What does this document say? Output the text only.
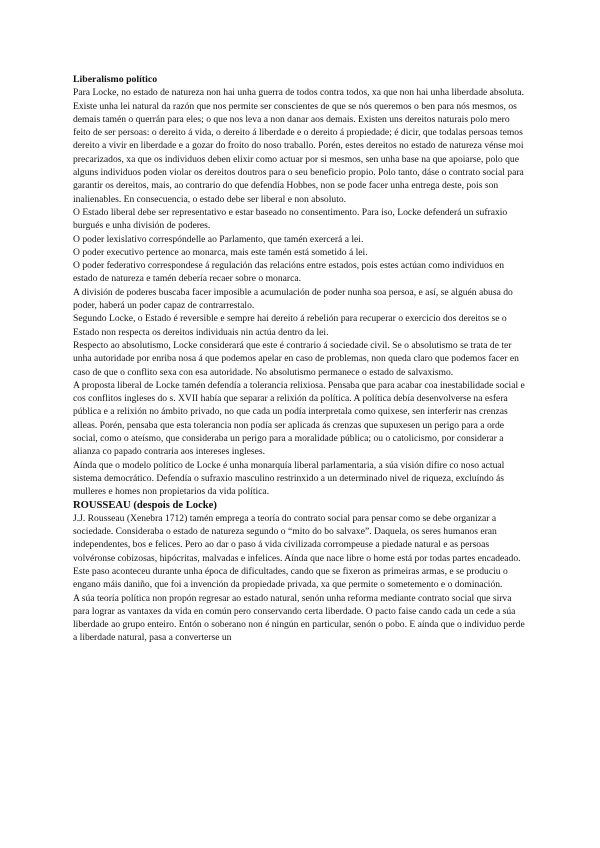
Liberalismo político

Para Locke, no estado de natureza non hai unha guerra de todos contra todos, xa que non hai unha liberdade absoluta. Existe unha lei natural da razón que nos permite ser conscientes de que se nós queremos o ben para nós mesmos, os demais tamén o querrán para eles; o que nos leva a non danar aos demais. Existen uns dereitos naturais polo mero feito de ser persoas: o dereito á vida, o dereito á liberdade e o dereito á propiedade; é dicir, que todalas persoas temos dereito a vivir en liberdade e a gozar do froito do noso traballo. Porén, estes dereitos no estado de natureza vénse moi precarizados, xa que os individuos deben elixir como actuar por si mesmos, sen unha base na que apoiarse, polo que alguns individuos poden violar os dereitos doutros para o seu beneficio propio. Polo tanto, dáse o contrato social para garantir os dereitos, mais, ao contrario do que defendía Hobbes, non se pode facer unha entrega deste, pois son inalienables. En consecuencia, o estado debe ser liberal e non absoluto.

O Estado liberal debe ser representativo e estar baseado no consentimento. Para iso, Locke defenderá un sufraxio burgués e unha división de poderes.

O poder lexislativo correspóndelle ao Parlamento, que tamén exercerá a lei.

O poder executivo pertence ao monarca, mais este tamén está sometido á lei.

O poder federativo correspondese á regulación das relacións entre estados, pois estes actúan como individuos en estado de natureza e tamén debería recaer sobre o monarca.

A división de poderes buscaba facer imposible a acumulación de poder nunha soa persoa, e así, se alguén abusa do poder, haberá un poder capaz de contrarrestalo.

Segundo Locke, o Estado é reversible e sempre hai dereito á rebelión para recuperar o exercicio dos dereitos se o Estado non respecta os dereitos individuais nin actúa dentro da lei.

Respecto ao absolutismo, Locke considerará que este é contrario á sociedade civil. Se o absolutismo se trata de ter unha autoridade por enriba nosa á que podemos apelar en caso de problemas, non queda claro que podemos facer en caso de que o conflito sexa con esa autoridade. No absolutismo permanece o estado de salvaxismo.

A proposta liberal de Locke tamén defendía a tolerancia relixiosa. Pensaba que para acabar coa inestabilidade social e cos conflitos ingleses do s. XVII había que separar a relixión da política. A política debía desenvolverse na esfera pública e a relixión no ámbito privado, no que cada un podía interpretala como quixese, sen interferir nas crenzas alleas. Porén, pensaba que esta tolerancia non podía ser aplicada ás crenzas que supuxesen un perigo para a orde social, como o ateísmo, que consideraba un perigo para a moralidade pública; ou o catolicismo, por considerar a alianza co papado contraria aos intereses ingleses.

Aínda que o modelo político de Locke é unha monarquía liberal parlamentaria, a súa visión difire co noso actual sistema democrático. Defendía o sufraxio masculino restrinxido a un determinado nivel de riqueza, excluíndo ás mulleres e homes non propietarios da vida política.

ROUSSEAU (despois de Locke)

J.J. Rousseau (Xenebra 1712) tamén emprega a teoría do contrato social para pensar como se debe organizar a sociedade. Consideraba o estado de natureza segundo o “mito do bo salvaxe”. Daquela, os seres humanos eran independentes, bos e felices. Pero ao dar o paso á vida civilizada corrompeuse a piedade natural e as persoas volvéronse cobizosas, hipócritas, malvadas e infelices. Aínda que nace libre o home está por todas partes encadeado. Este paso aconteceu durante unha época de dificultades, cando que se fixeron as primeiras armas, e se produciu o engano máis daniño, que foi a invención da propiedade privada, xa que permite o sometemento e o dominación.

A súa teoría política non propón regresar ao estado natural, senón unha reforma mediante contrato social que sirva para lograr as vantaxes da vida en común pero conservando certa liberdade. O pacto faise cando cada un cede a súa liberdade ao grupo enteiro. Entón o soberano non é ningún en particular, senón o pobo. E aínda que o individuo perde a liberdade natural, pasa a converterse un
